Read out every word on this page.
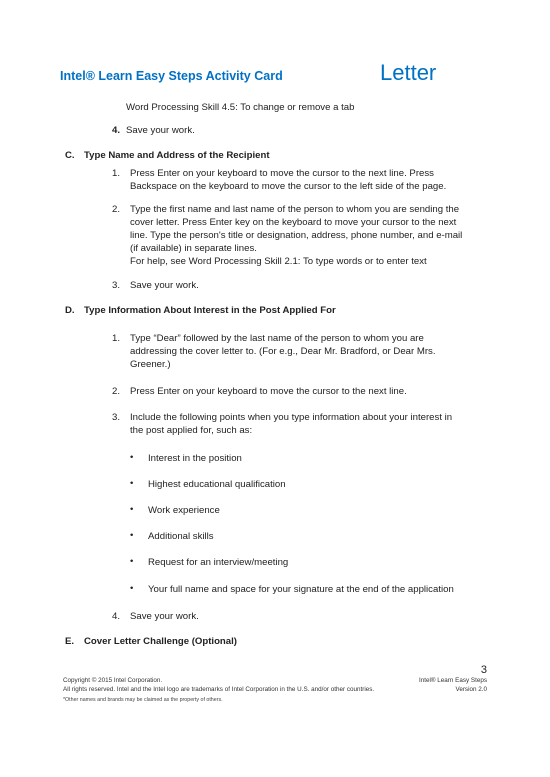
Intel® Learn Easy Steps Activity Card	Letter
Word Processing Skill 4.5: To change or remove a tab
4. Save your work.
C. Type Name and Address of the Recipient
1. Press Enter on your keyboard to move the cursor to the next line. Press
Backspace on the keyboard to move the cursor to the left side of the page.
2. Type the first name and last name of the person to whom you are sending the
cover letter. Press Enter key on the keyboard to move your cursor to the next
line. Type the person's title or designation, address, phone number, and e-mail
(if available) in separate lines.
For help, see Word Processing Skill 2.1: To type words or to enter text
3. Save your work.
D. Type Information About Interest in the Post Applied For
1. Type “Dear” followed by the last name of the person to whom you are
addressing the cover letter to. (For e.g., Dear Mr. Bradford, or Dear Mrs.
Greener.)
2. Press Enter on your keyboard to move the cursor to the next line.
3. Include the following points when you type information about your interest in
the post applied for, such as:
• Interest in the position
• Highest educational qualification
• Work experience
• Additional skills
• Request for an interview/meeting
• Your full name and space for your signature at the end of the application
4. Save your work.
E. Cover Letter Challenge (Optional)
3
Copyright © 2015 Intel Corporation.	Intel® Learn Easy Steps
All rights reserved. Intel and the Intel logo are trademarks of Intel Corporation in the U.S. and/or other countries.	Version 2.0
*Other names and brands may be claimed as the property of others.
